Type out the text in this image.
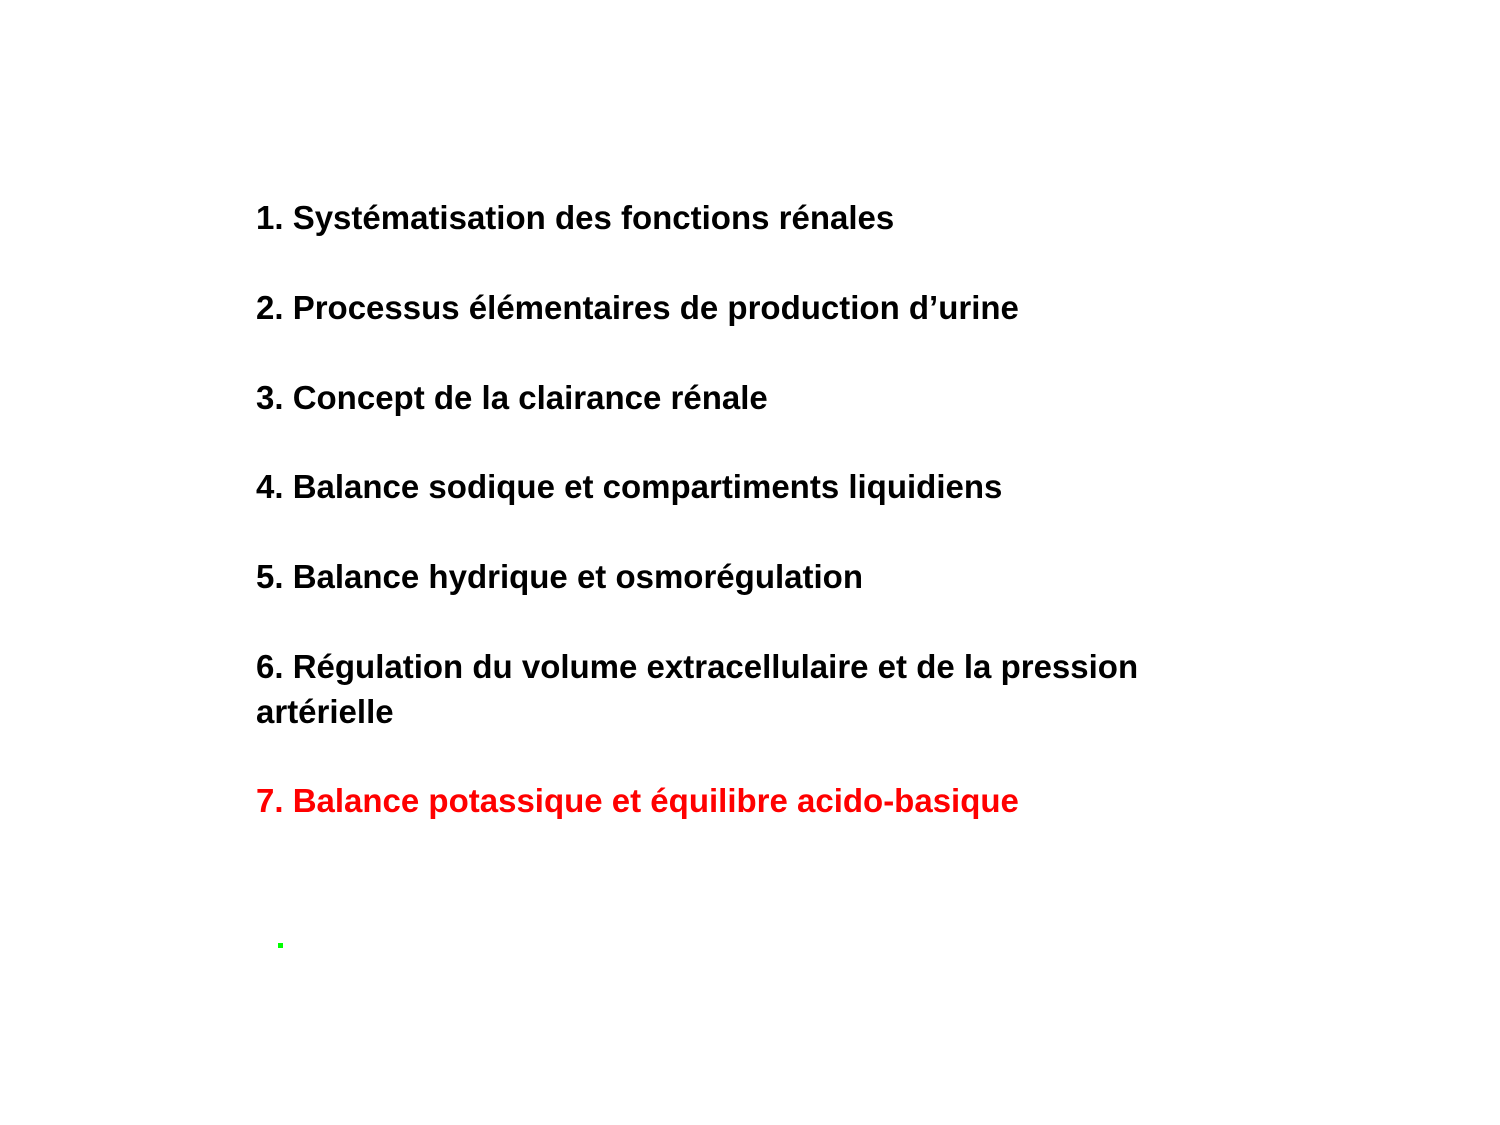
1. Systématisation des fonctions rénales
2. Processus élémentaires de production d’urine
3. Concept de la clairance rénale
4. Balance sodique et compartiments liquidiens
5. Balance hydrique et osmorégulation
6. Régulation du volume extracellulaire et de la pression
artérielle
7. Balance potassique et équilibre acido-basique
